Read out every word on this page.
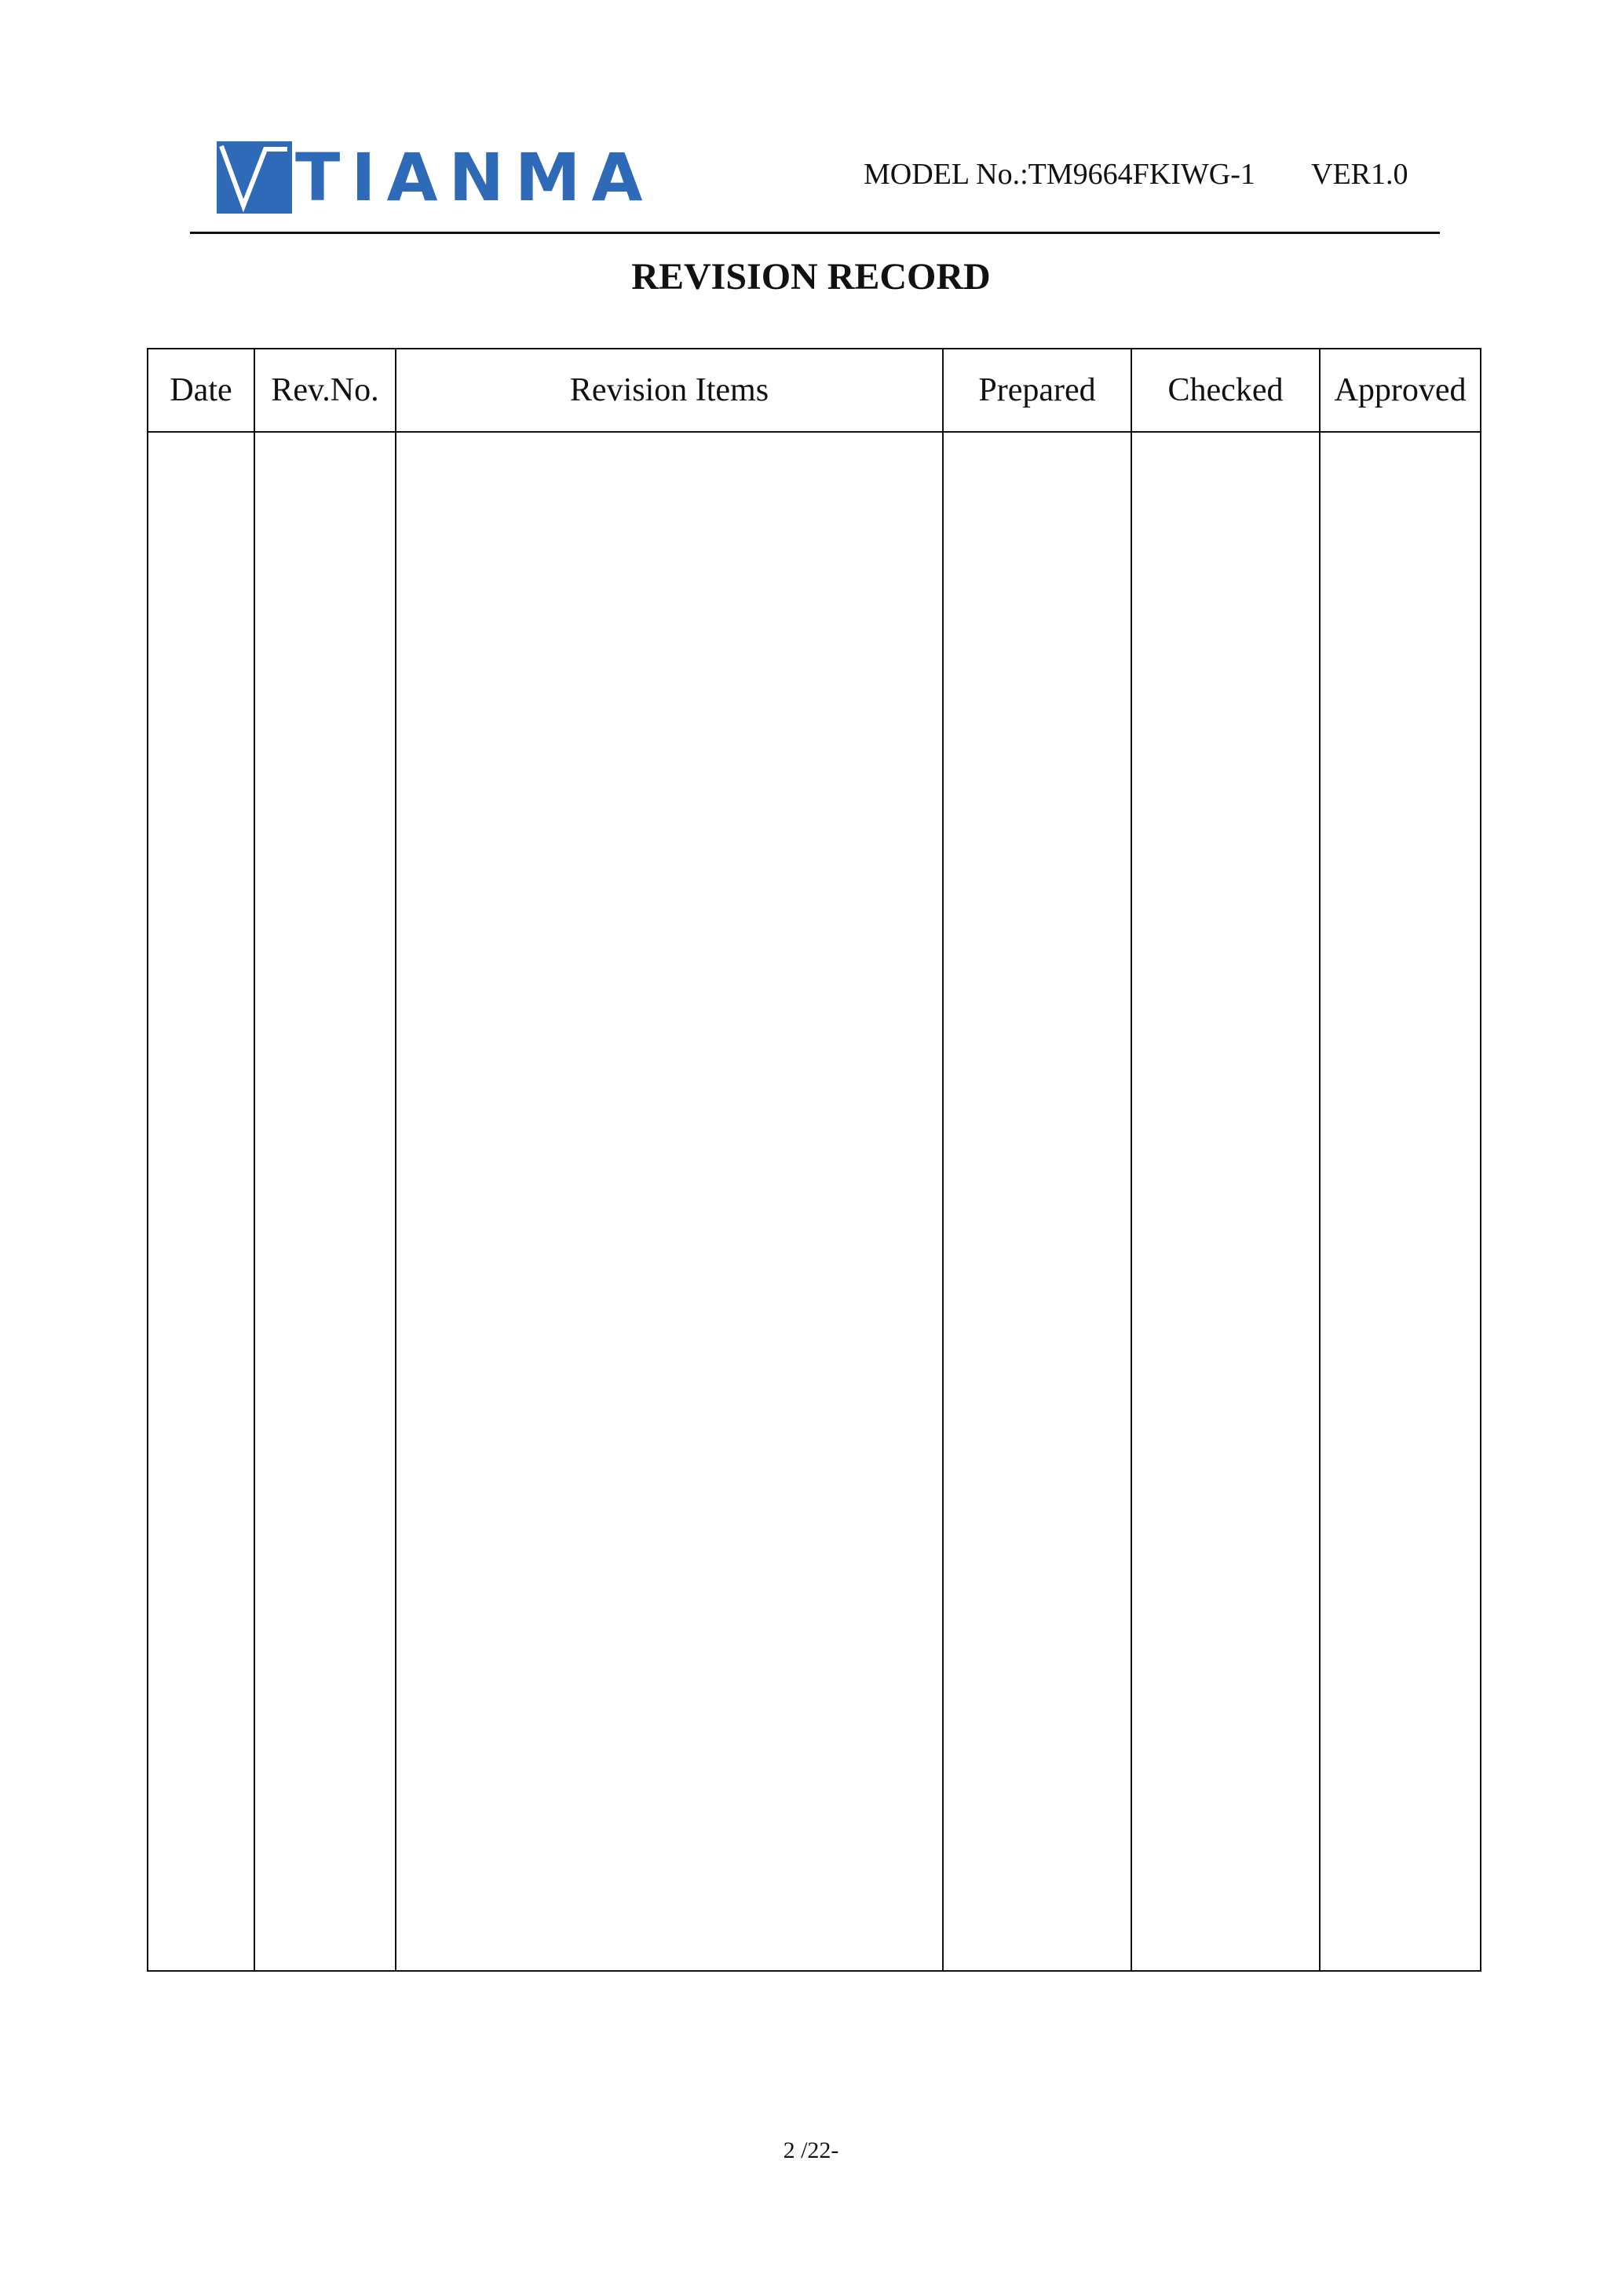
TIANMA	MODEL No.:TM9664FKIWG-1 VER1.0
REVISION RECORD
Date	Rev.No.	Revision Items	Prepared	Checked	Approved

2 /22-
